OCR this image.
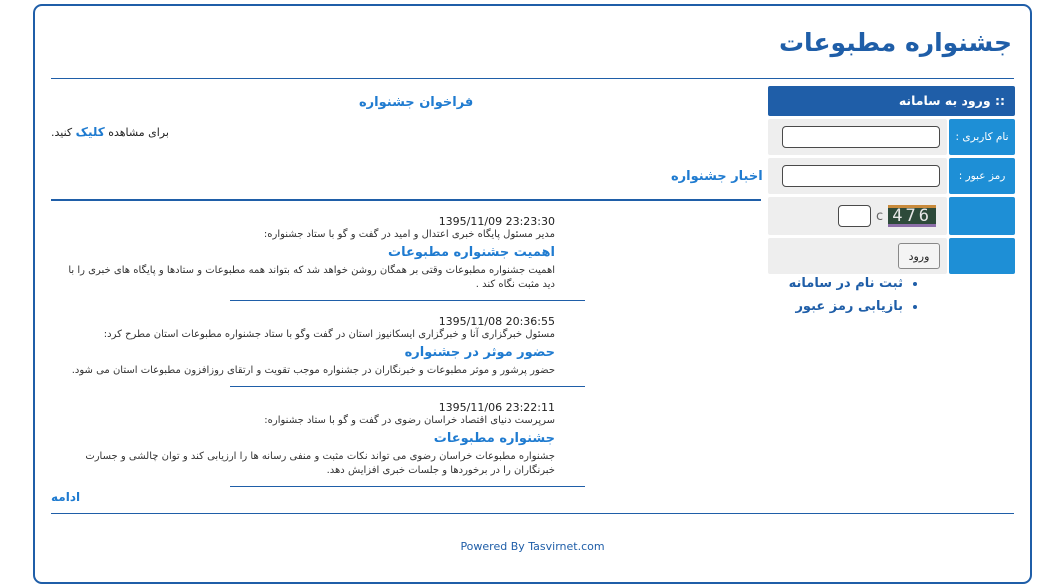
جشنواره مطبوعات
فراخوان جشنواره
برای مشاهده کلیک کنید.
اخبار جشنواره
1395/11/09 23:23:30
مدیر مسئول پایگاه خبری اعتدال و امید در گفت و گو با ستاد جشنواره:
اهمیت جشنواره مطبوعات
اهمیت جشنواره مطبوعات وقتی بر همگان روشن خواهد شد که بتواند همه مطبوعات و ستادها و پایگاه های خبری را با دید مثبت نگاه کند .
1395/11/08 20:36:55
مسئول خبرگزاری آنا و خبرگزاری ایسکانیوز استان در گفت وگو با ستاد جشنواره مطبوعات استان مطرح کرد:
حضور موثر در جشنواره
حضور پرشور و موثر مطبوعات و خبرنگاران در جشنواره موجب تقویت و ارتقای روزافزون مطبوعات استان می شود.
1395/11/06 23:22:11
سرپرست دنیای اقتصاد خراسان رضوی در گفت و گو با ستاد جشنواره:
جشنواره مطبوعات
جشنواره مطبوعات خراسان رضوی می تواند نکات مثبت و منفی رسانه ها را ارزیابی کند و توان چالشی و جسارت خبرنگاران را در برخوردها و جلسات خبری افزایش دهد.
ادامه
:: ورود به سامانه
نام کاربری :
رمز عبور :
c 476
ورود
• ثبت نام در سامانه
• بازیابی رمز عبور
Powered By Tasvirnet.com
